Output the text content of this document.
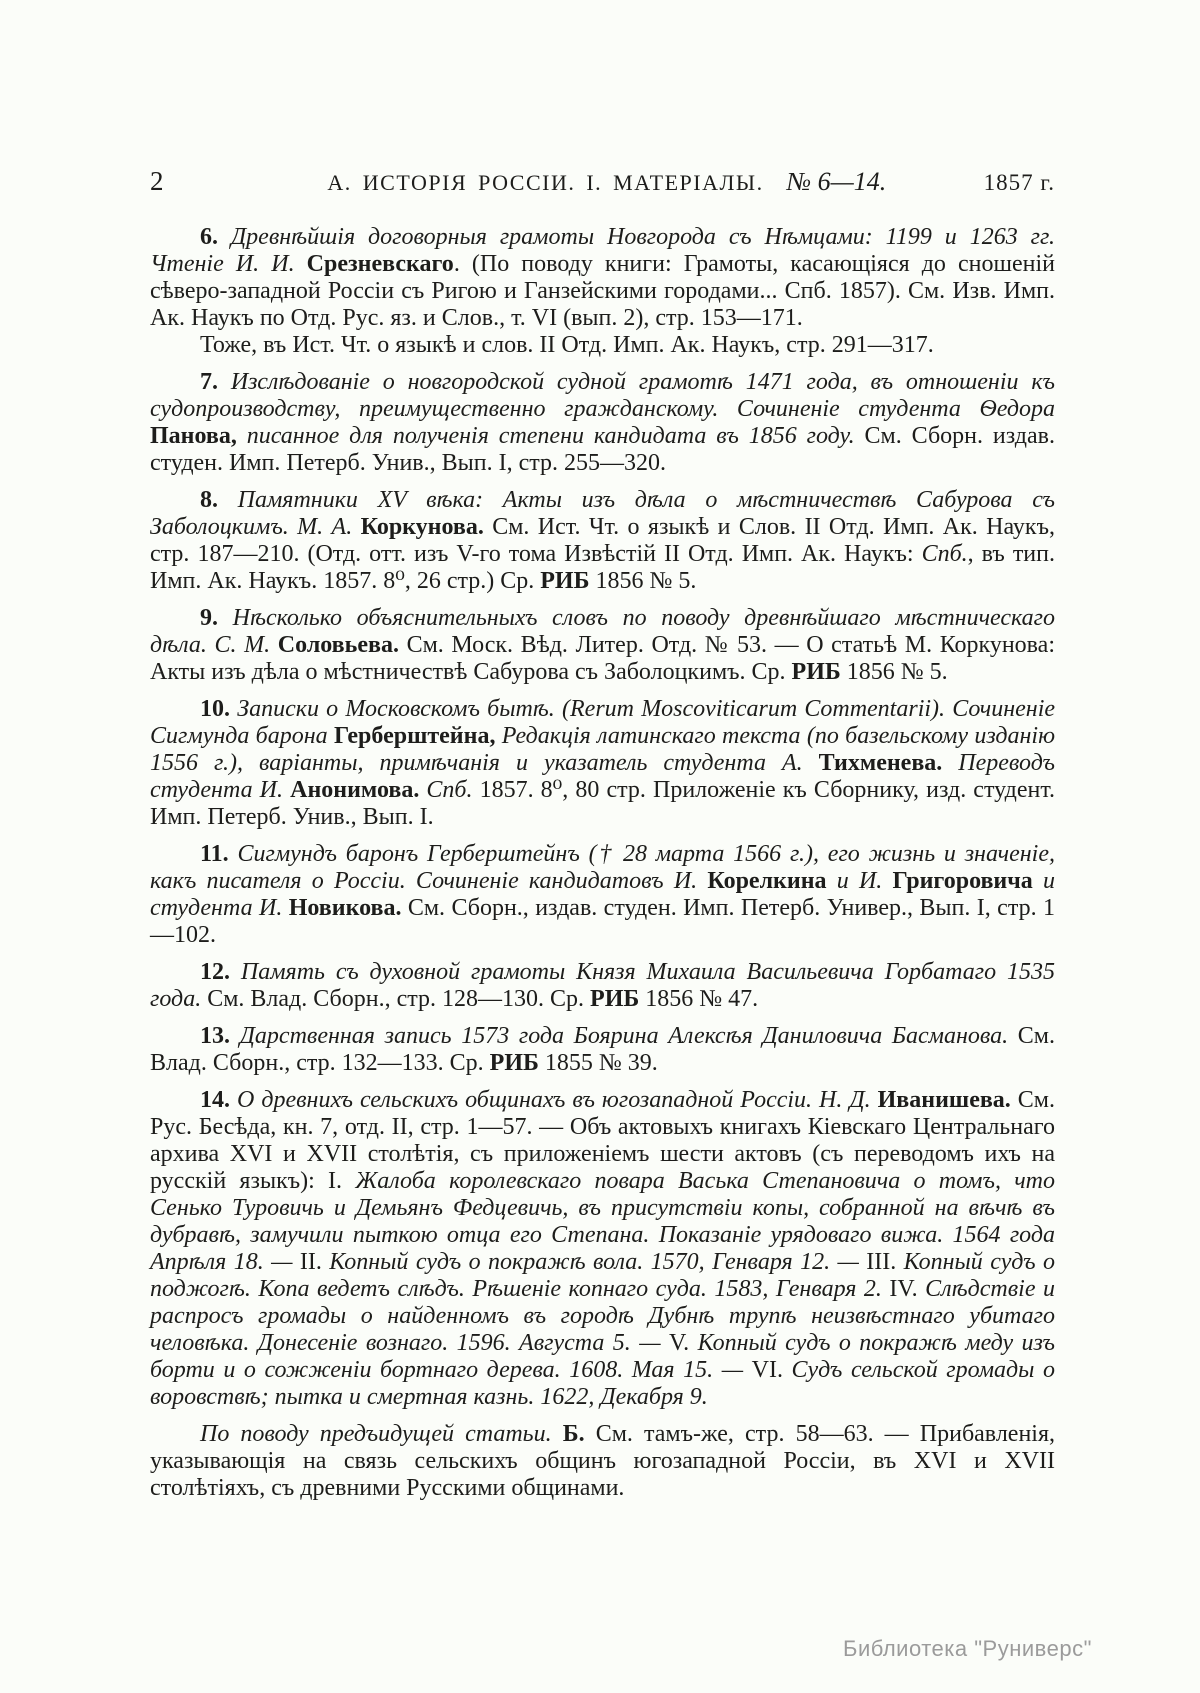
2	А. ИСТОРІЯ РОССІИ. I. МАТЕРІАЛЫ. № 6—14.	1857 г.

6. Древнѣйшія договорныя грамоты Новгорода съ Нѣмцами: 1199 и 1263 гг. Чтеніе И. И. Срезневскаго. (По поводу книги: Грамоты, касающіяся до сношеній сѣверо-западной Россіи съ Ригою и Ганзейскими городами... Спб. 1857). См. Изв. Имп. Ак. Наукъ по Отд. Рус. яз. и Слов., т. VI (вып. 2), стр. 153—171.

Тоже, въ Ист. Чт. о языкѣ и слов. II Отд. Имп. Ак. Наукъ, стр. 291—317.

7. Изслѣдованіе о новгородской судной грамотѣ 1471 года, въ отношеніи къ судопроизводству, преимущественно гражданскому. Сочиненіе студента Ѳедора Панова, писанное для полученія степени кандидата въ 1856 году. См. Сборн. издав. студен. Имп. Петерб. Унив., Вып. I, стр. 255—320.

8. Памятники XV вѣка: Акты изъ дѣла о мѣстничествѣ Сабурова съ Заболоцкимъ. М. А. Коркунова. См. Ист. Чт. о языкѣ и Слов. II Отд. Имп. Ак. Наукъ, стр. 187—210. (Отд. отт. изъ V-го тома Извѣстій II Отд. Имп. Ак. Наукъ: Спб., въ тип. Имп. Ак. Наукъ. 1857. 8⁰, 26 стр.) Ср. РИБ 1856 № 5.

9. Нѣсколько объяснительныхъ словъ по поводу древнѣйшаго мѣстническаго дѣла. С. М. Соловьева. См. Моск. Вѣд. Литер. Отд. № 53. — О статьѣ М. Коркунова: Акты изъ дѣла о мѣстничествѣ Сабурова съ Заболоцкимъ. Ср. РИБ 1856 № 5.

10. Записки о Московскомъ бытѣ. (Rerum Moscoviticarum Commentarii). Сочиненіе Сигмунда барона Герберштейна, Редакція латинскаго текста (по базельскому изданію 1556 г.), варіанты, примѣчанія и указатель студента А. Тихменева. Переводъ студента И. Анонимова. Спб. 1857. 8⁰, 80 стр. Приложеніе къ Сборнику, изд. студент. Имп. Петерб. Унив., Вып. I.

11. Сигмундъ баронъ Герберштейнъ († 28 марта 1566 г.), его жизнь и значеніе, какъ писателя о Россіи. Сочиненіе кандидатовъ И. Корелкина и И. Григоровича и студента И. Новикова. См. Сборн., издав. студен. Имп. Петерб. Универ., Вып. I, стр. 1—102.

12. Память съ духовной грамоты Князя Михаила Васильевича Горбатаго 1535 года. См. Влад. Сборн., стр. 128—130. Ср. РИБ 1856 № 47.

13. Дарственная запись 1573 года Боярина Алексѣя Даниловича Басманова. См. Влад. Сборн., стр. 132—133. Ср. РИБ 1855 № 39.

14. О древнихъ сельскихъ общинахъ въ югозападной Россіи. Н. Д. Иванишева. См. Рус. Бесѣда, кн. 7, отд. II, стр. 1—57. — Объ актовыхъ книгахъ Кіевскаго Центральнаго архива XVI и XVII столѣтія, съ приложеніемъ шести актовъ (съ переводомъ ихъ на русскій языкъ): I. Жалоба королевскаго повара Васька Степановича о томъ, что Сенько Туровичь и Демьянъ Федцевичь, въ присутствіи копы, собранной на вѣчѣ въ дубравѣ, замучили пыткою отца его Степана. Показаніе урядоваго вижа. 1564 года Апрѣля 18. — II. Копный судъ о покражѣ вола. 1570, Генваря 12. — III. Копный судъ о поджогѣ. Копа ведетъ слѣдъ. Рѣшеніе копнаго суда. 1583, Генваря 2. IV. Слѣдствіе и распросъ громады о найденномъ въ городѣ Дубнѣ трупѣ неизвѣстнаго убитаго человѣка. Донесеніе вознаго. 1596. Августа 5. — V. Копный судъ о покражѣ меду изъ борти и о сожженіи бортнаго дерева. 1608. Мая 15. — VI. Судъ сельской громады о воровствѣ; пытка и смертная казнь. 1622, Декабря 9.

По поводу предъидущей статьи. Б. См. тамъ-же, стр. 58—63. — Прибавленія, указывающія на связь сельскихъ общинъ югозападной Россіи, въ XVI и XVII столѣтіяхъ, съ древними Русскими общинами.

Библиотека "Руниверс"
